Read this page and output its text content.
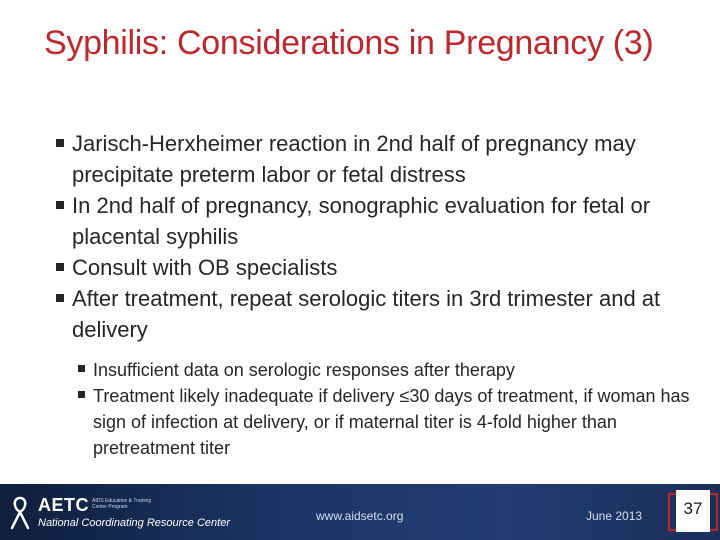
Syphilis: Considerations in Pregnancy (3)
Jarisch-Herxheimer reaction in 2nd half of pregnancy may precipitate preterm labor or fetal distress
In 2nd half of pregnancy, sonographic evaluation for fetal or placental syphilis
Consult with OB specialists
After treatment, repeat serologic titers in 3rd trimester and at delivery
Insufficient data on serologic responses after therapy
Treatment likely inadequate if delivery ≤30 days of treatment, if woman has sign of infection at delivery, or if maternal titer is 4-fold higher than pretreatment titer
AETC AIDS Education & Training Center Program
National Coordinating Resource Center	www.aidsetc.org	June 2013	37
